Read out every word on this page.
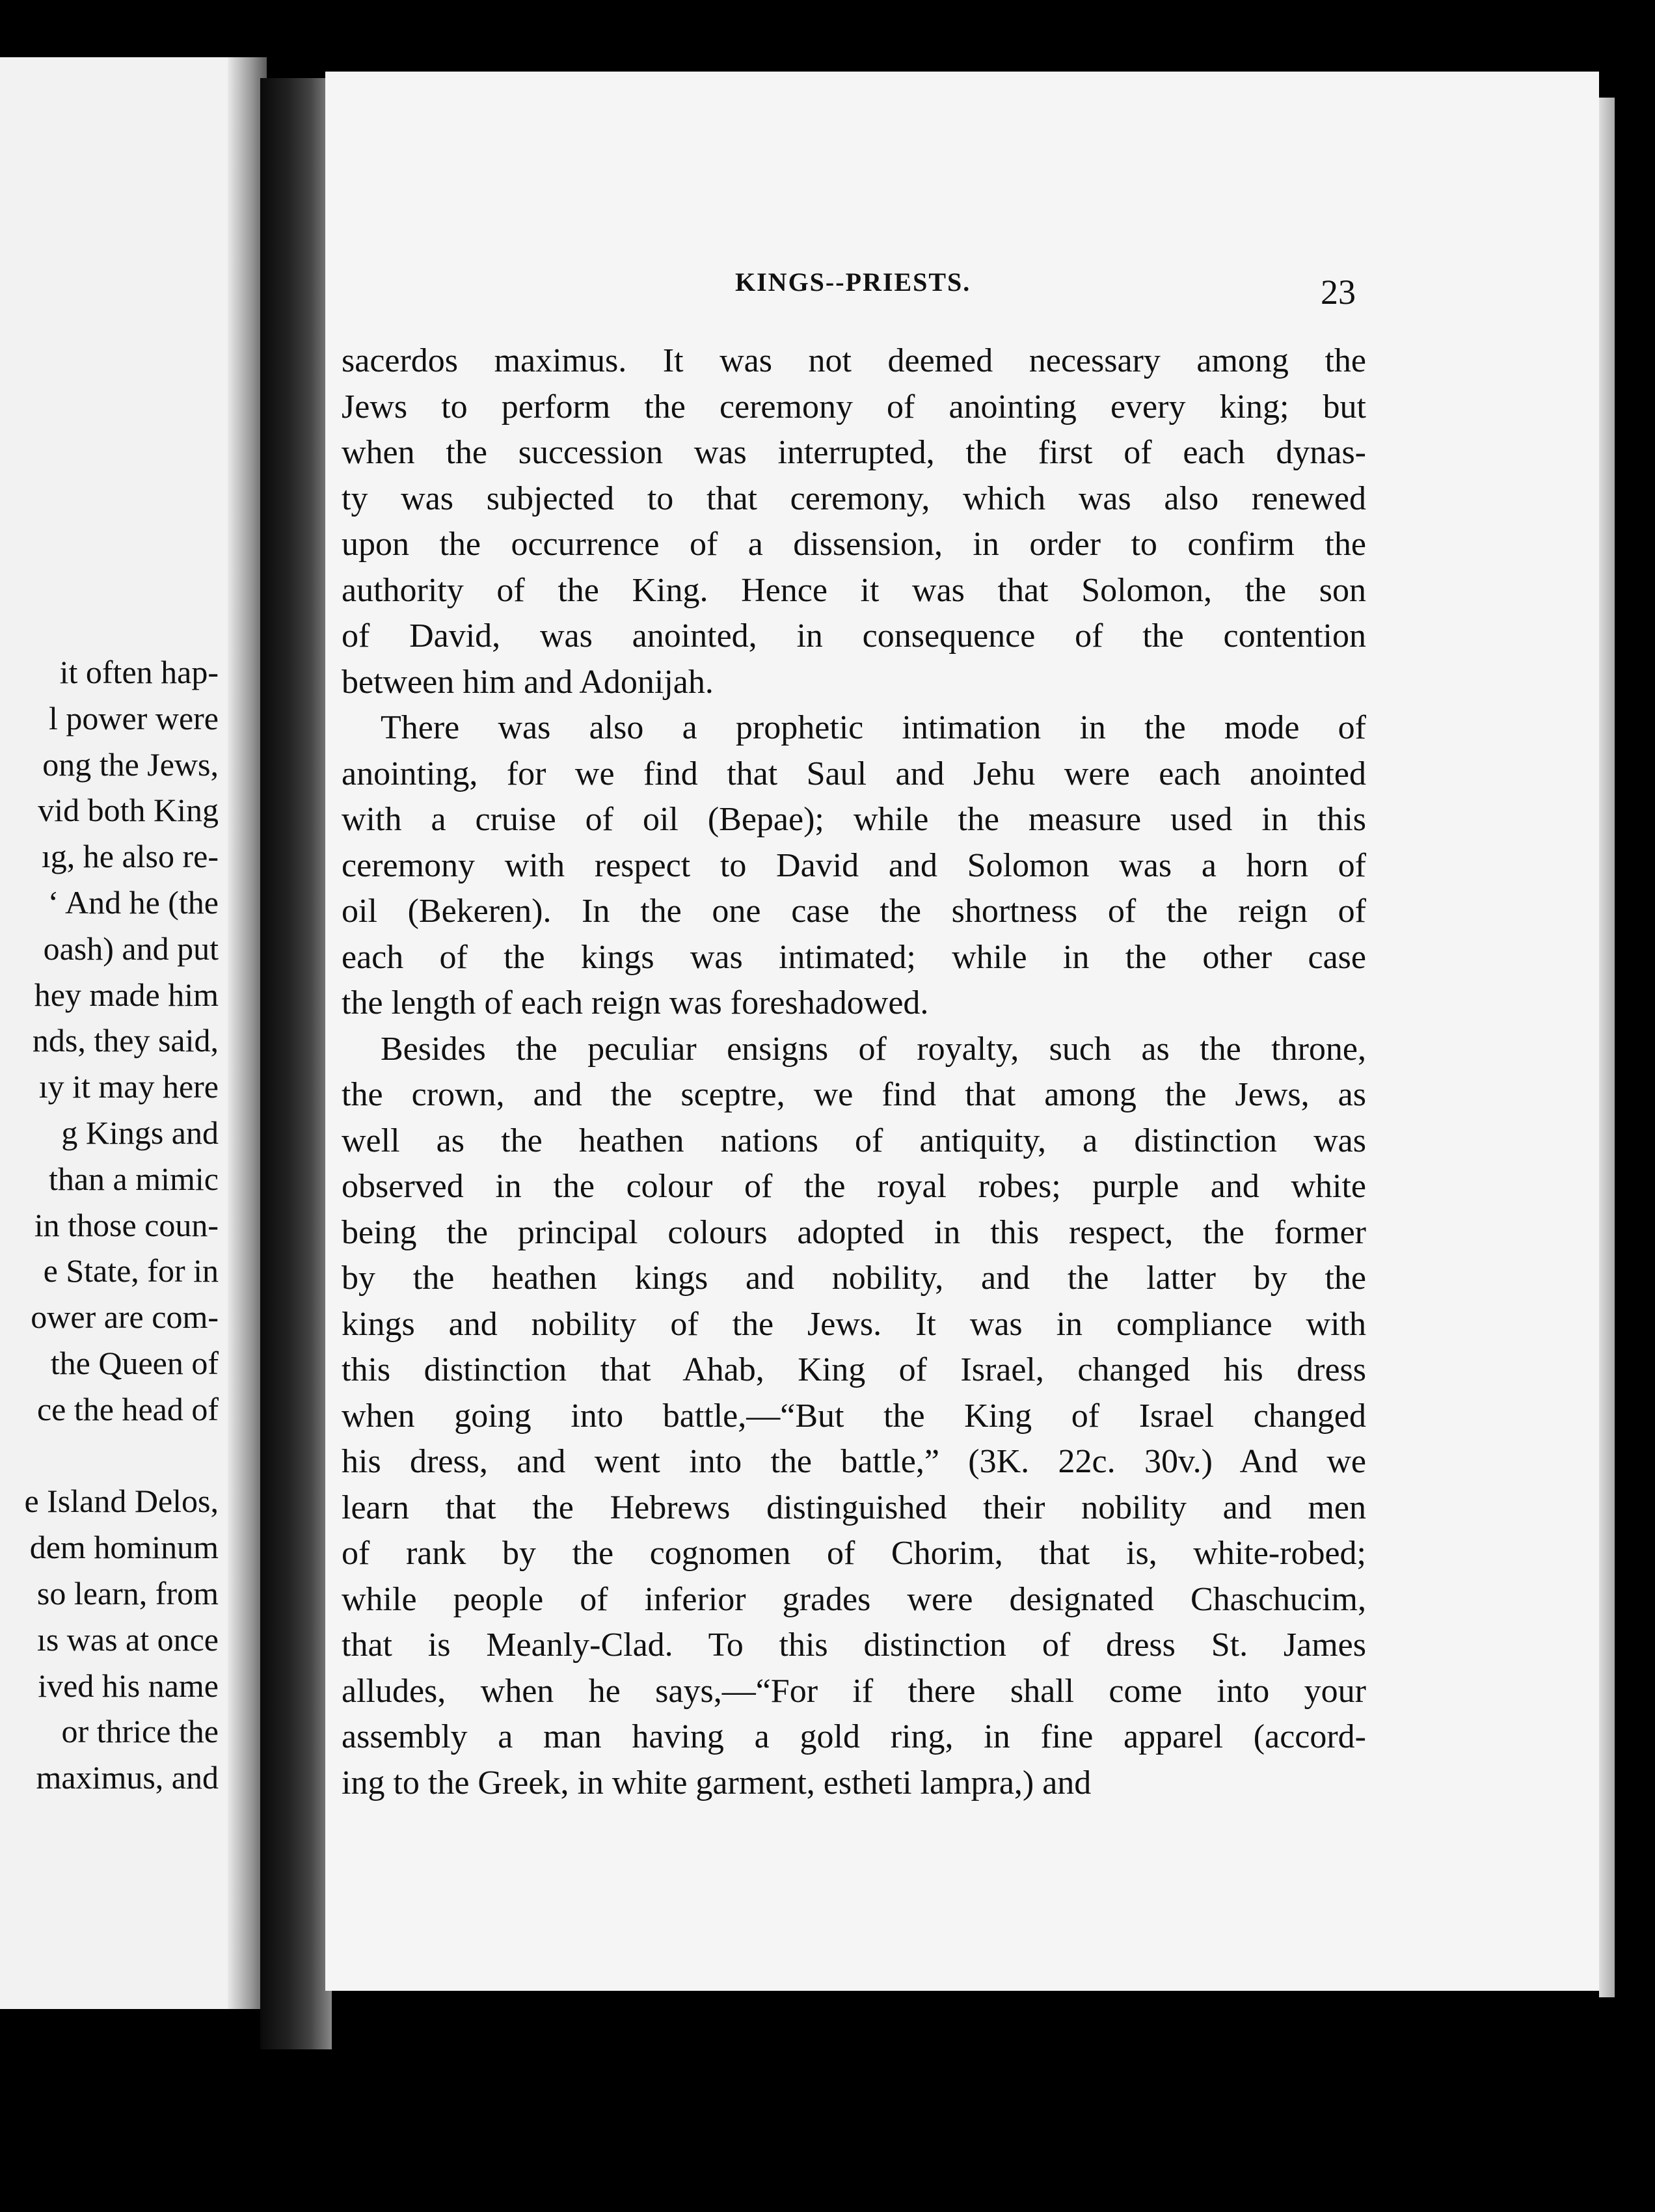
it often hap-
l power were
ong the Jews,
vid both King
ıg, he also re-
‘ And he (the
oash) and put
hey made him
nds, they said,
ıy it may here
g Kings and
than a mimic
in those coun-
e State, for in
ower are com-
the Queen of
ce the head of
e Island Delos,
dem hominum
so learn, from
ıs was at once
ived his name
or thrice the
maximus, and
KINGS--PRIESTS.	23
sacerdos maximus. It was not deemed necessary among the
Jews to perform the ceremony of anointing every king; but
when the succession was interrupted, the first of each dynas-
ty was subjected to that ceremony, which was also renewed
upon the occurrence of a dissension, in order to confirm the
authority of the King. Hence it was that Solomon, the son
of David, was anointed, in consequence of the contention
between him and Adonijah.
There was also a prophetic intimation in the mode of
anointing, for we find that Saul and Jehu were each anointed
with a cruise of oil (Bepae); while the measure used in this
ceremony with respect to David and Solomon was a horn of
oil (Bekeren). In the one case the shortness of the reign of
each of the kings was intimated; while in the other case
the length of each reign was foreshadowed.
Besides the peculiar ensigns of royalty, such as the throne,
the crown, and the sceptre, we find that among the Jews, as
well as the heathen nations of antiquity, a distinction was
observed in the colour of the royal robes; purple and white
being the principal colours adopted in this respect, the former
by the heathen kings and nobility, and the latter by the
kings and nobility of the Jews. It was in compliance with
this distinction that Ahab, King of Israel, changed his dress
when going into battle,—“But the King of Israel changed
his dress, and went into the battle,” (3K. 22c. 30v.) And we
learn that the Hebrews distinguished their nobility and men
of rank by the cognomen of Chorim, that is, white-robed;
while people of inferior grades were designated Chaschucim,
that is Meanly-Clad. To this distinction of dress St. James
alludes, when he says,—“For if there shall come into your
assembly a man having a gold ring, in fine apparel (accord-
ing to the Greek, in white garment, estheti lampra,) and
